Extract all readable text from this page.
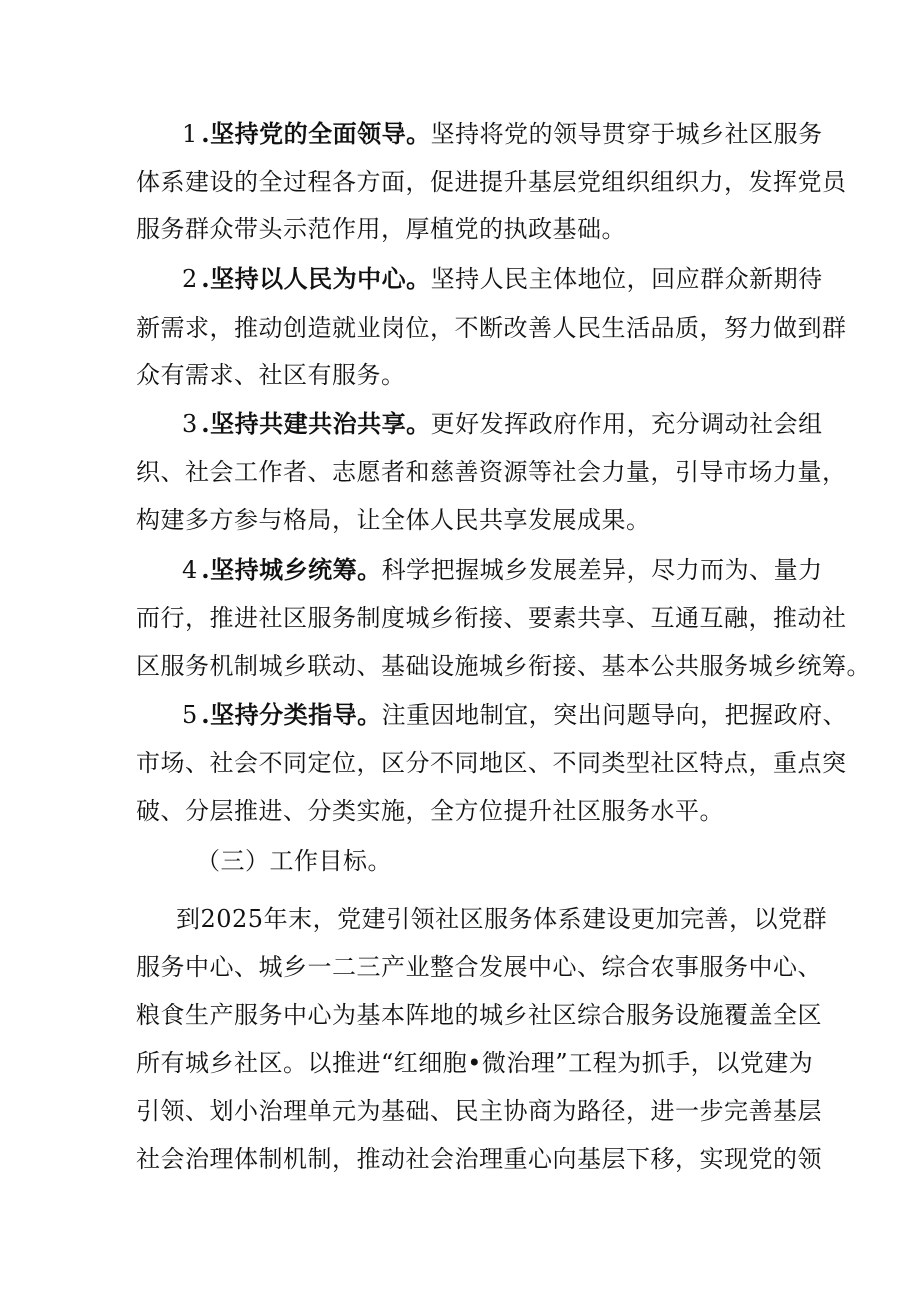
1.坚持党的全面领导。坚持将党的领导贯穿于城乡社区服务
体系建设的全过程各方面，促进提升基层党组织组织力，发挥党员
服务群众带头示范作用，厚植党的执政基础。
2.坚持以人民为中心。坚持人民主体地位，回应群众新期待
新需求，推动创造就业岗位，不断改善人民生活品质，努力做到群
众有需求、社区有服务。
3.坚持共建共治共享。更好发挥政府作用，充分调动社会组
织、社会工作者、志愿者和慈善资源等社会力量，引导市场力量，
构建多方参与格局，让全体人民共享发展成果。
4.坚持城乡统筹。科学把握城乡发展差异，尽力而为、量力
而行，推进社区服务制度城乡衔接、要素共享、互通互融，推动社
区服务机制城乡联动、基础设施城乡衔接、基本公共服务城乡统筹。
5.坚持分类指导。注重因地制宜，突出问题导向，把握政府、
市场、社会不同定位，区分不同地区、不同类型社区特点，重点突
破、分层推进、分类实施，全方位提升社区服务水平。
（三）工作目标。
到2025年末，党建引领社区服务体系建设更加完善，以党群
服务中心、城乡一二三产业整合发展中心、综合农事服务中心、
粮食生产服务中心为基本阵地的城乡社区综合服务设施覆盖全区
所有城乡社区。以推进“红细胞•微治理”工程为抓手，以党建为
引领、划小治理单元为基础、民主协商为路径，进一步完善基层
社会治理体制机制，推动社会治理重心向基层下移，实现党的领
